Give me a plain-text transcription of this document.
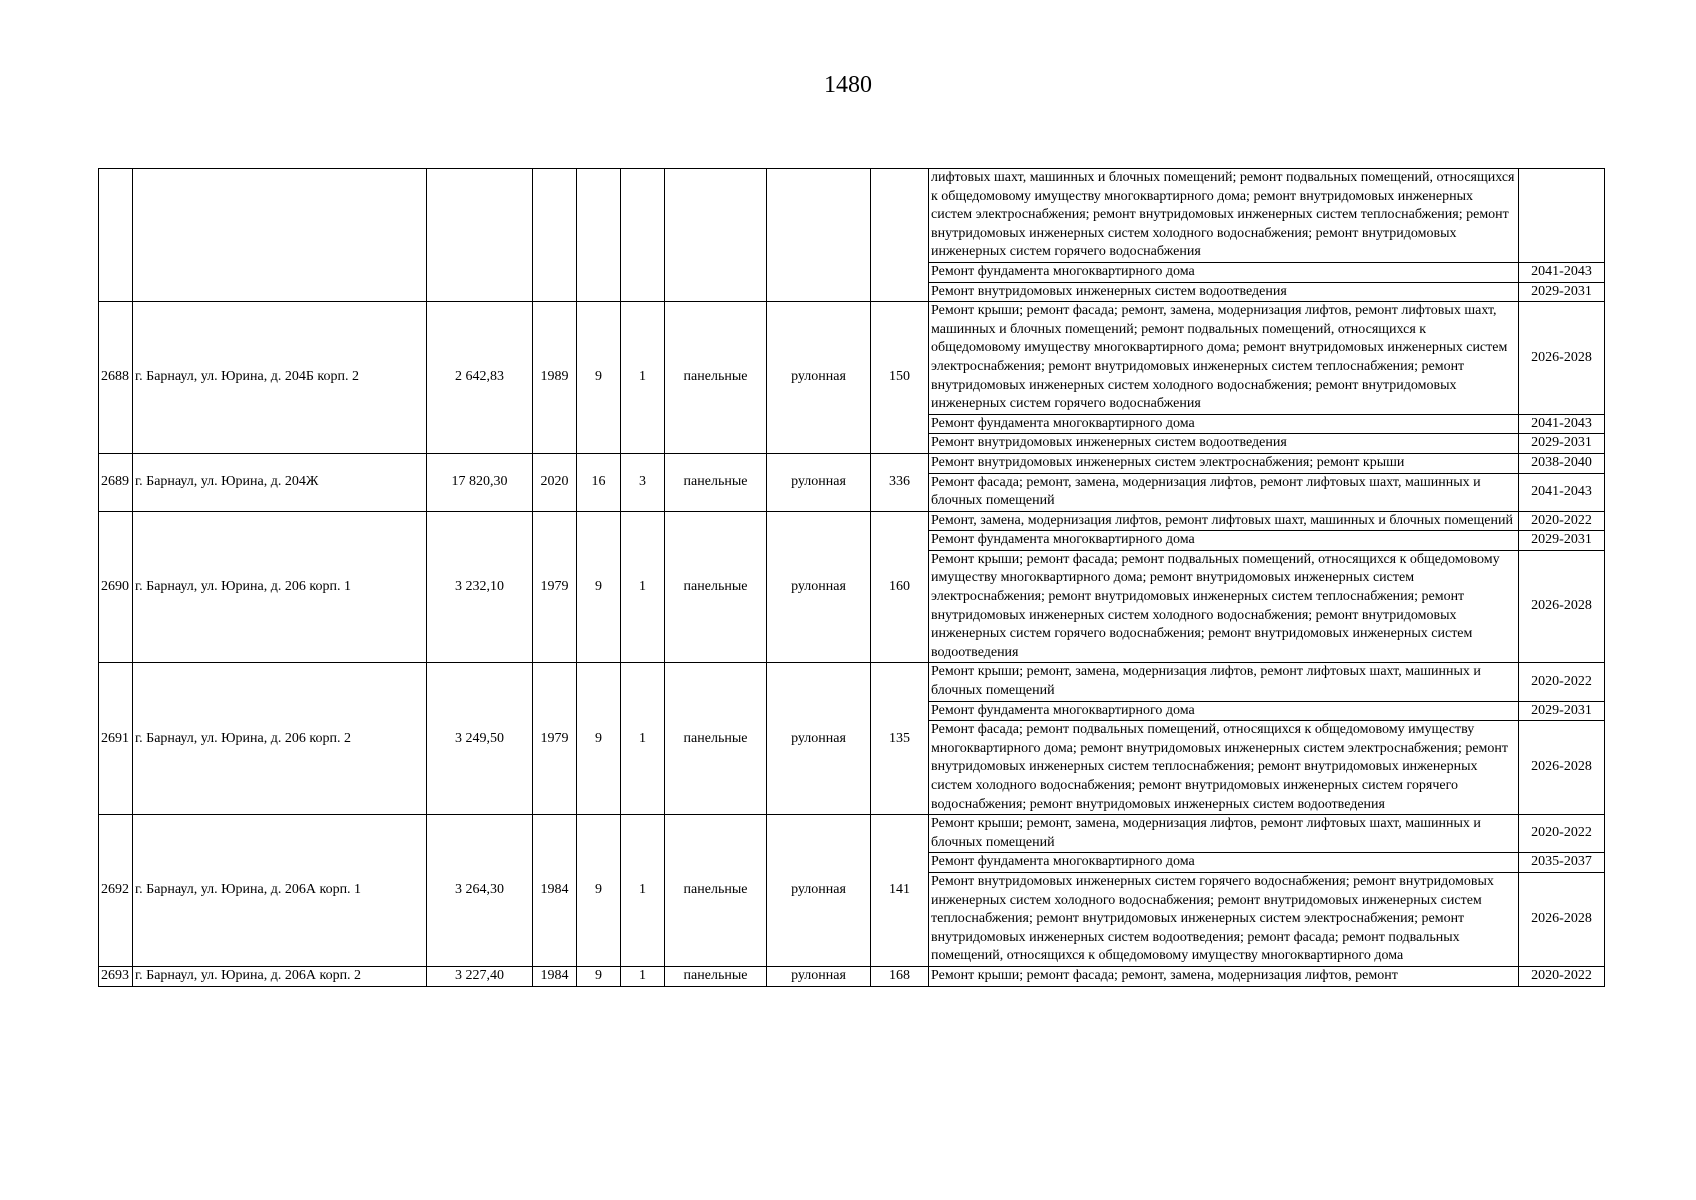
1480
									лифтовых шахт, машинных и блочных помещений; ремонт подвальных помещений, относящихся к общедомовому имуществу многоквартирного дома; ремонт внутридомовых инженерных систем электроснабжения; ремонт внутридомовых инженерных систем теплоснабжения; ремонт внутридомовых инженерных систем холодного водоснабжения; ремонт внутридомовых инженерных систем горячего водоснабжения	
									Ремонт фундамента многоквартирного дома	2041-2043
									Ремонт внутридомовых инженерных систем водоотведения	2029-2031
2688	г. Барнаул, ул. Юрина, д. 204Б корп. 2	2 642,83	1989	9	1	панельные	рулонная	150	Ремонт крыши; ремонт фасада; ремонт, замена, модернизация лифтов, ремонт лифтовых шахт, машинных и блочных помещений; ремонт подвальных помещений, относящихся к общедомовому имуществу многоквартирного дома; ремонт внутридомовых инженерных систем электроснабжения; ремонт внутридомовых инженерных систем теплоснабжения; ремонт внутридомовых инженерных систем холодного водоснабжения; ремонт внутридомовых инженерных систем горячего водоснабжения	2026-2028
									Ремонт фундамента многоквартирного дома	2041-2043
									Ремонт внутридомовых инженерных систем водоотведения	2029-2031
2689	г. Барнаул, ул. Юрина, д. 204Ж	17 820,30	2020	16	3	панельные	рулонная	336	Ремонт внутридомовых инженерных систем электроснабжения; ремонт крыши	2038-2040
									Ремонт фасада; ремонт, замена, модернизация лифтов, ремонт лифтовых шахт, машинных и блочных помещений	2041-2043
2690	г. Барнаул, ул. Юрина, д. 206 корп. 1	3 232,10	1979	9	1	панельные	рулонная	160	Ремонт, замена, модернизация лифтов, ремонт лифтовых шахт, машинных и блочных помещений	2020-2022
									Ремонт фундамента многоквартирного дома	2029-2031
									Ремонт крыши; ремонт фасада; ремонт подвальных помещений, относящихся к общедомовому имуществу многоквартирного дома; ремонт внутридомовых инженерных систем электроснабжения; ремонт внутридомовых инженерных систем теплоснабжения; ремонт внутридомовых инженерных систем холодного водоснабжения; ремонт внутридомовых инженерных систем горячего водоснабжения; ремонт внутридомовых инженерных систем водоотведения	2026-2028
2691	г. Барнаул, ул. Юрина, д. 206 корп. 2	3 249,50	1979	9	1	панельные	рулонная	135	Ремонт крыши; ремонт, замена, модернизация лифтов, ремонт лифтовых шахт, машинных и блочных помещений	2020-2022
									Ремонт фундамента многоквартирного дома	2029-2031
									Ремонт фасада; ремонт подвальных помещений, относящихся к общедомовому имуществу многоквартирного дома; ремонт внутридомовых инженерных систем электроснабжения; ремонт внутридомовых инженерных систем теплоснабжения; ремонт внутридомовых инженерных систем холодного водоснабжения; ремонт внутридомовых инженерных систем горячего водоснабжения; ремонт внутридомовых инженерных систем водоотведения	2026-2028
2692	г. Барнаул, ул. Юрина, д. 206А корп. 1	3 264,30	1984	9	1	панельные	рулонная	141	Ремонт крыши; ремонт, замена, модернизация лифтов, ремонт лифтовых шахт, машинных и блочных помещений	2020-2022
									Ремонт фундамента многоквартирного дома	2035-2037
									Ремонт внутридомовых инженерных систем горячего водоснабжения; ремонт внутридомовых инженерных систем холодного водоснабжения; ремонт внутридомовых инженерных систем теплоснабжения; ремонт внутридомовых инженерных систем электроснабжения; ремонт внутридомовых инженерных систем водоотведения; ремонт фасада; ремонт подвальных помещений, относящихся к общедомовому имуществу многоквартирного дома	2026-2028
2693	г. Барнаул, ул. Юрина, д. 206А корп. 2	3 227,40	1984	9	1	панельные	рулонная	168	Ремонт крыши; ремонт фасада; ремонт, замена, модернизация лифтов, ремонт	2020-2022
